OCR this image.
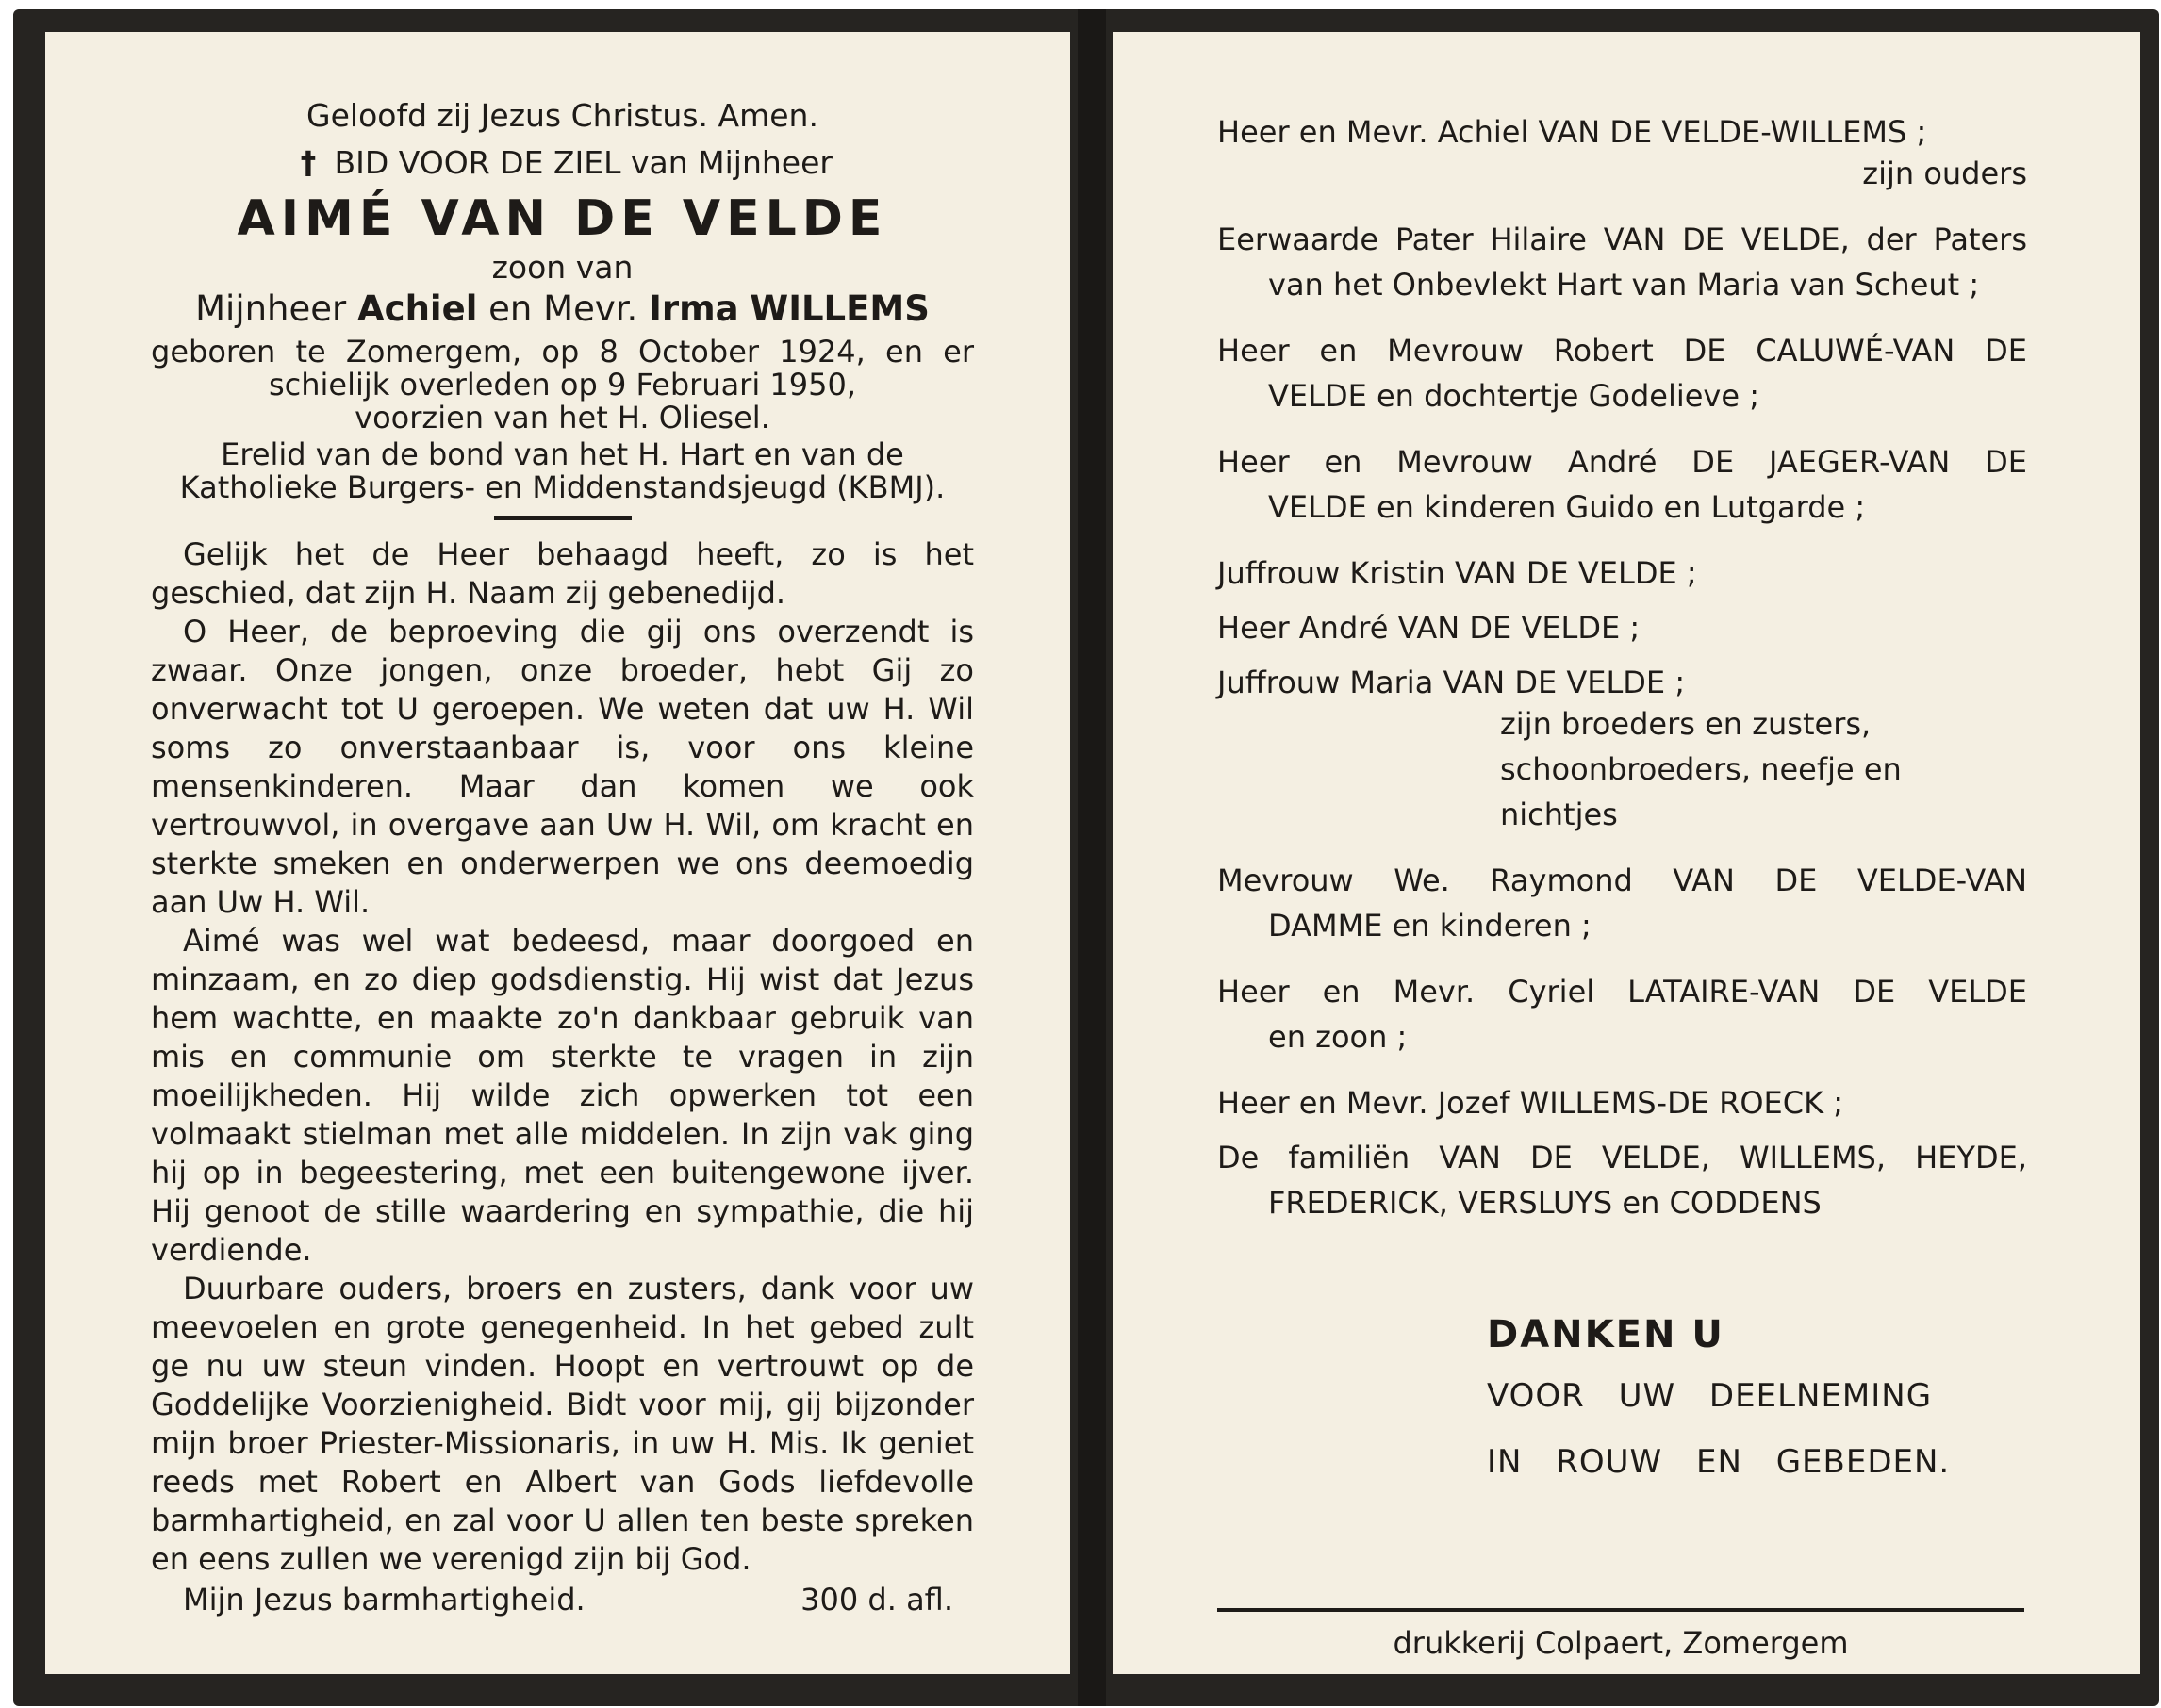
Geloofd zij Jezus Christus. Amen.
† BID VOOR DE ZIEL van Mijnheer
AIMÉ VAN DE VELDE
zoon van
Mijnheer Achiel en Mevr. Irma WILLEMS
geboren te Zomergem, op 8 October 1924, en er
schielijk overleden op 9 Februari 1950,
voorzien van het H. Oliesel.
Erelid van de bond van het H. Hart en van de
Katholieke Burgers- en Middenstandsjeugd (KBMJ).

Gelijk het de Heer behaagd heeft, zo is het geschied, dat zijn H. Naam zij gebenedijd.

O Heer, de beproeving die gij ons overzendt is zwaar. Onze jongen, onze broeder, hebt Gij zo onverwacht tot U geroepen. We weten dat uw H. Wil soms zo onverstaanbaar is, voor ons kleine mensenkinderen. Maar dan komen we ook vertrouwvol, in overgave aan Uw H. Wil, om kracht en sterkte smeken en onderwerpen we ons deemoedig aan Uw H. Wil.

Aimé was wel wat bedeesd, maar doorgoed en minzaam, en zo diep godsdienstig. Hij wist dat Jezus hem wachtte, en maakte zo'n dankbaar gebruik van mis en communie om sterkte te vragen in zijn moeilijkheden. Hij wilde zich opwerken tot een volmaakt stielman met alle middelen. In zijn vak ging hij op in begeestering, met een buitengewone ijver. Hij genoot de stille waardering en sympathie, die hij verdiende.

Duurbare ouders, broers en zusters, dank voor uw meevoelen en grote genegenheid. In het gebed zult ge nu uw steun vinden. Hoopt en vertrouwt op de Goddelijke Voorzienigheid. Bidt voor mij, gij bijzonder mijn broer Priester-Missionaris, in uw H. Mis. Ik geniet reeds met Robert en Albert van Gods liefdevolle barmhartigheid, en zal voor U allen ten beste spreken en eens zullen we verenigd zijn bij God.

Mijn Jezus barmhartigheid.	300 d. afl.
Heer en Mevr. Achiel VAN DE VELDE-WILLEMS ;
zijn ouders
Eerwaarde Pater Hilaire VAN DE VELDE, der Paters
van het Onbevlekt Hart van Maria van Scheut ;
Heer en Mevrouw Robert DE CALUWÉ-VAN DE
VELDE en dochtertje Godelieve ;
Heer en Mevrouw André DE JAEGER-VAN DE
VELDE en kinderen Guido en Lutgarde ;
Juffrouw Kristin VAN DE VELDE ;
Heer André VAN DE VELDE ;
Juffrouw Maria VAN DE VELDE ;
zijn broeders en zusters,
schoonbroeders, neefje en nichtjes
Mevrouw We. Raymond VAN DE VELDE-VAN
DAMME en kinderen ;
Heer en Mevr. Cyriel LATAIRE-VAN DE VELDE
en zoon ;
Heer en Mevr. Jozef WILLEMS-DE ROECK ;
De familiën VAN DE VELDE, WILLEMS, HEYDE,
FREDERICK, VERSLUYS en CODDENS
DANKEN U
VOOR UW DEELNEMING
IN ROUW EN GEBEDEN.
drukkerij Colpaert, Zomergem
